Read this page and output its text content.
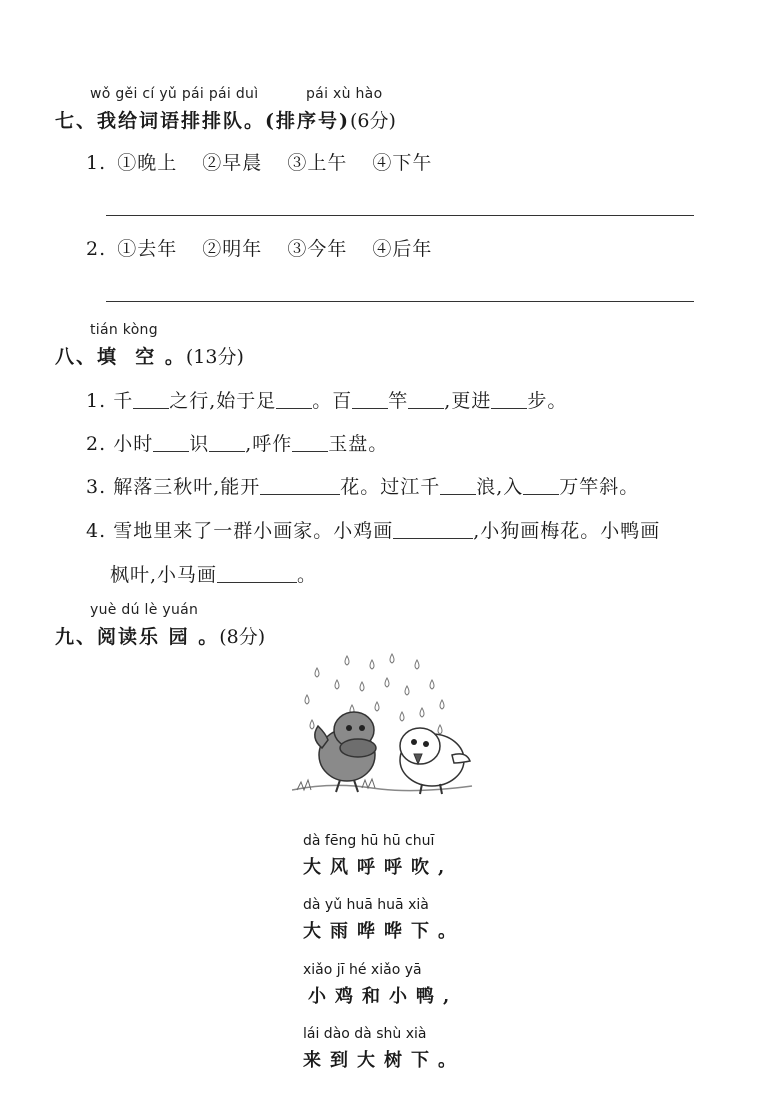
wǒ gěi cí yǔ pái pái duì	pái xù hào
七、我给词语排排队。(排序号)(6分)
1. ①晚上 ②早晨 ③上午 ④下午
2. ①去年 ②明年 ③今年 ④后年
tián kòng
八、填  空 。(13分)
1. 千 之行,始于足 。百 竿 ,更进 步。
2. 小时 识 ,呼作 玉盘。
3. 解落三秋叶,能开	花。过江千 浪,入 万竿斜。
4. 雪地里来了一群小画家。小鸡画	,小狗画梅花。小鸭画
枫叶,小马画	。
yuè dú lè yuán
九、阅读乐 园 。(8分)
dà fēng hū hū chuī
大风呼呼吹,
dà yǔ huā huā xià
大雨哗哗下。
xiǎo jī hé xiǎo yā
小鸡和小鸭,
lái dào dà shù xià
来到大树下。
